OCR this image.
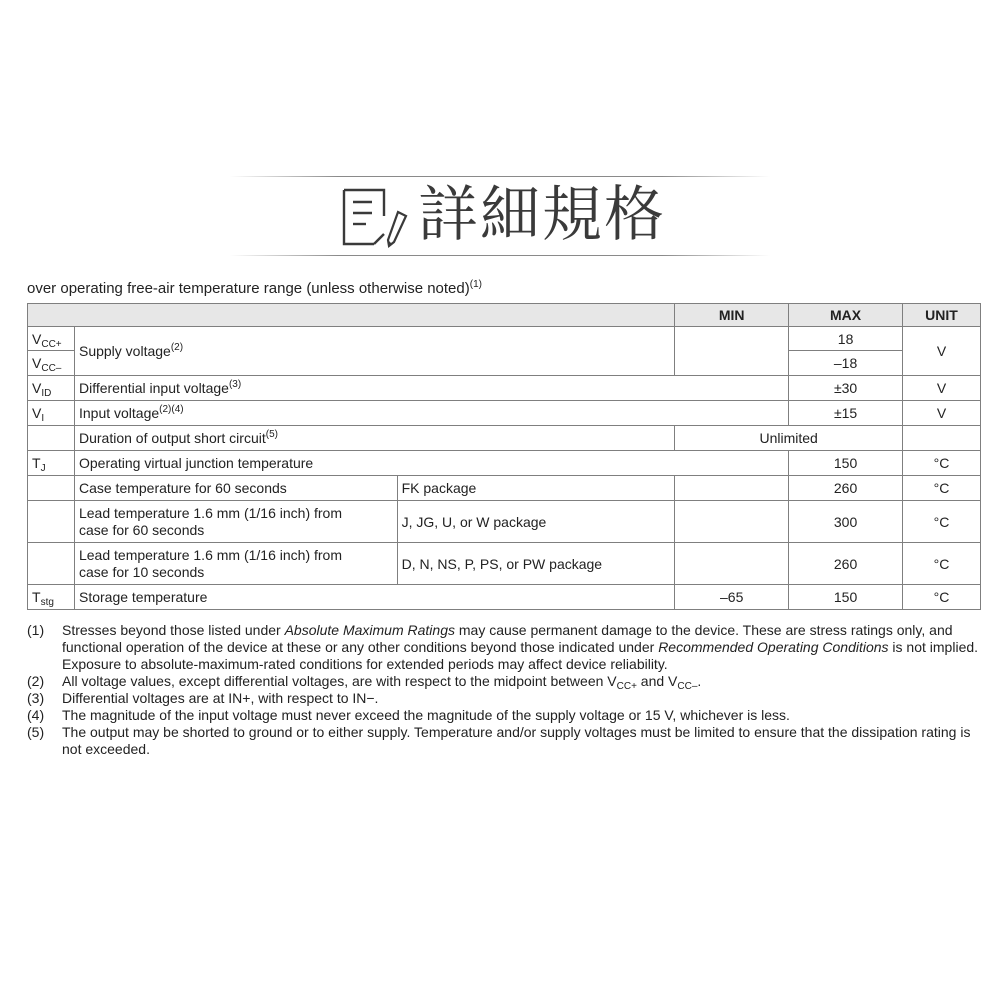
詳細規格
over operating free-air temperature range (unless otherwise noted)$^{(1)}$
			MIN	MAX	UNIT
$V_{CC+}$	Supply voltage$^{(2)}$			18	V
$V_{CC-}$				–18	
$V_{ID}$	Differential input voltage$^{(3)}$			±30	V
$V_I$	Input voltage$^{(2)(4)}$			±15	V
	Duration of output short circuit$^{(5)}$		Unlimited		
$T_J$	Operating virtual junction temperature			150	°C
	Case temperature for 60 seconds	FK package		260	°C
	Lead temperature 1.6 mm (1/16 inch) from
case for 60 seconds	J, JG, U, or W package		300	°C
	Lead temperature 1.6 mm (1/16 inch) from
case for 10 seconds	D, N, NS, P, PS, or PW package		260	°C
$T_{stg}$	Storage temperature		–65	150	°C
(1) Stresses beyond those listed under Absolute Maximum Ratings may cause permanent damage to the device. These are stress ratings only, and functional operation of the device at these or any other conditions beyond those indicated under Recommended Operating Conditions is not implied. Exposure to absolute-maximum-rated conditions for extended periods may affect device reliability.
(2) All voltage values, except differential voltages, are with respect to the midpoint between $V_{CC+}$ and $V_{CC-}$.
(3) Differential voltages are at IN+, with respect to IN−.
(4) The magnitude of the input voltage must never exceed the magnitude of the supply voltage or 15 V, whichever is less.
(5) The output may be shorted to ground or to either supply. Temperature and/or supply voltages must be limited to ensure that the dissipation rating is not exceeded.
